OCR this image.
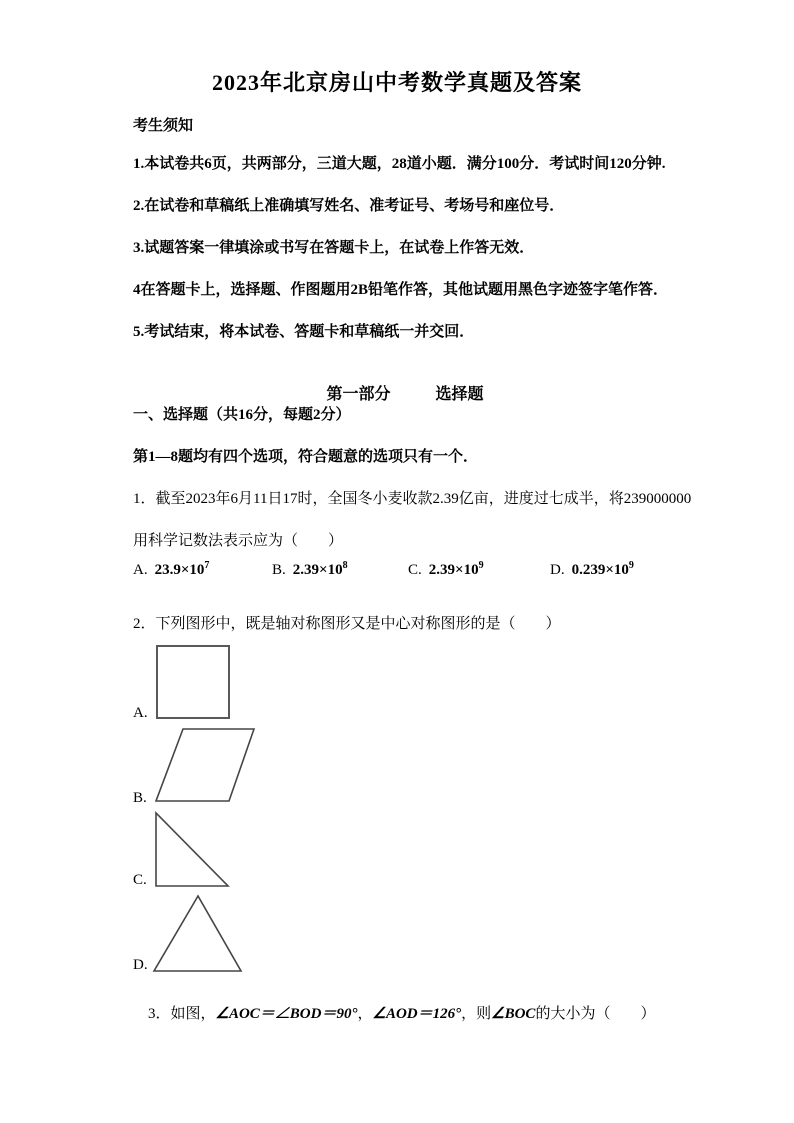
2023年北京房山中考数学真题及答案
考生须知
1.本试卷共6页，共两部分，三道大题，28道小题．满分100分．考试时间120分钟.
2.在试卷和草稿纸上准确填写姓名、准考证号、考场号和座位号．
3.试题答案一律填涂或书写在答题卡上，在试卷上作答无效．
4在答题卡上，选择题、作图题用2B铅笔作答，其他试题用黑色字迹签字笔作答．
5.考试结束，将本试卷、答题卡和草稿纸一并交回．

第一部分	选择题

一、选择题（共16分，每题2分）
第1—8题均有四个选项，符合题意的选项只有一个．
1．截至2023年6月11日17时，全国冬小麦收款2.39亿亩，进度过七成半，将239000000
用科学记数法表示应为（　　）
A. $23.9\times 10^7$	B. $2.39\times 10^8$	C. $2.39\times 10^9$	D. $0.239\times 10^9$
2．下列图形中，既是轴对称图形又是中心对称图形的是（　　）
A.
B.
C.
D.

3．如图，∠AOC＝∠BOD＝90°，∠AOD＝126°，则∠BOC的大小为（　　）
